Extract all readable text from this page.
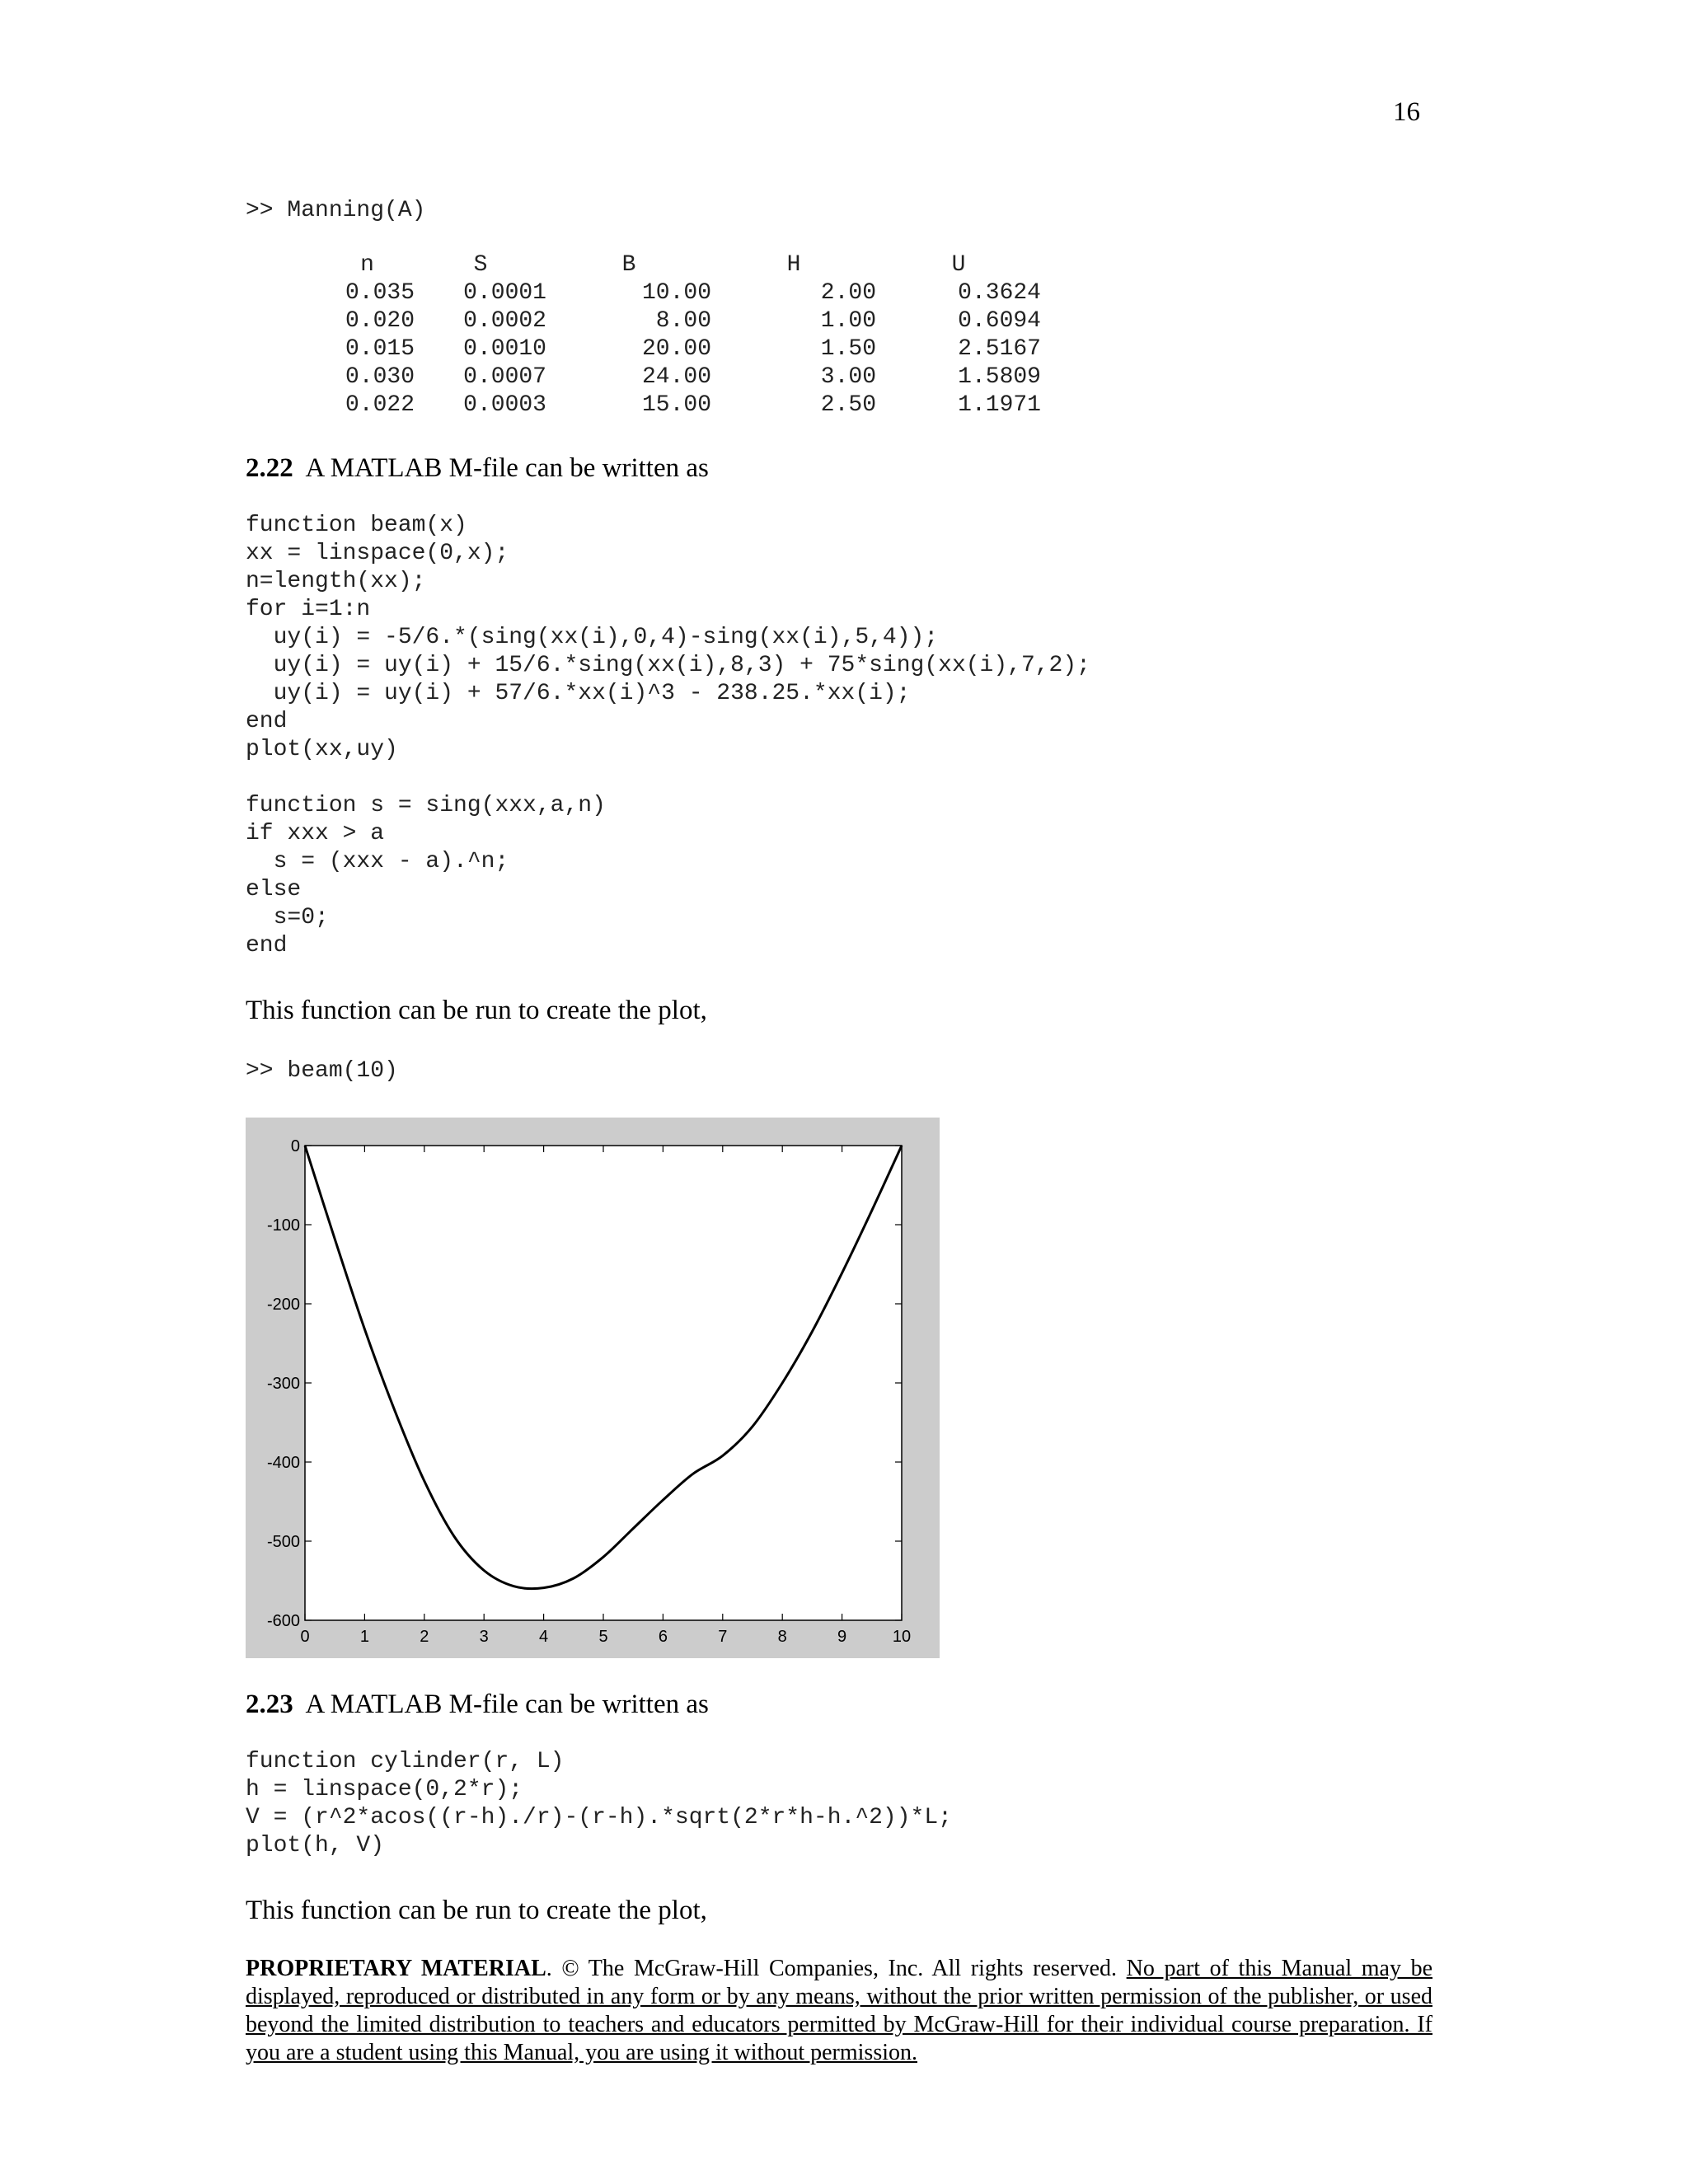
16
>> Manning(A)
n	S	B	H	U
0.035	0.0001	10.00	2.00	0.3624
0.020	0.0002	8.00	1.00	0.6094
0.015	0.0010	20.00	1.50	2.5167
0.030	0.0007	24.00	3.00	1.5809
0.022	0.0003	15.00	2.50	1.1971
2.22 A MATLAB M-file can be written as
function beam(x)
xx = linspace(0,x);
n=length(xx);
for i=1:n
uy(i) = -5/6.*(sing(xx(i),0,4)-sing(xx(i),5,4));
uy(i) = uy(i) + 15/6.*sing(xx(i),8,3) + 75*sing(xx(i),7,2);
uy(i) = uy(i) + 57/6.*xx(i)^3 - 238.25.*xx(i);
end
plot(xx,uy)
function s = sing(xxx,a,n)
if xxx > a
s = (xxx - a).^n;
else
s=0;
end
This function can be run to create the plot,
>> beam(10)
0	1	2	3	4	5	6	7	8	9	10
0
-100
-200
-300
-400
-500
-600
2.23 A MATLAB M-file can be written as
function cylinder(r, L)
h = linspace(0,2*r);
V = (r^2*acos((r-h)./r)-(r-h).*sqrt(2*r*h-h.^2))*L;
plot(h, V)
This function can be run to create the plot,
PROPRIETARY MATERIAL. © The McGraw-Hill Companies, Inc. All rights reserved. No part of this Manual may be displayed, reproduced or distributed in any form or by any means, without the prior written permission of the publisher, or used beyond the limited distribution to teachers and educators permitted by McGraw-Hill for their individual course preparation. If you are a student using this Manual, you are using it without permission.
